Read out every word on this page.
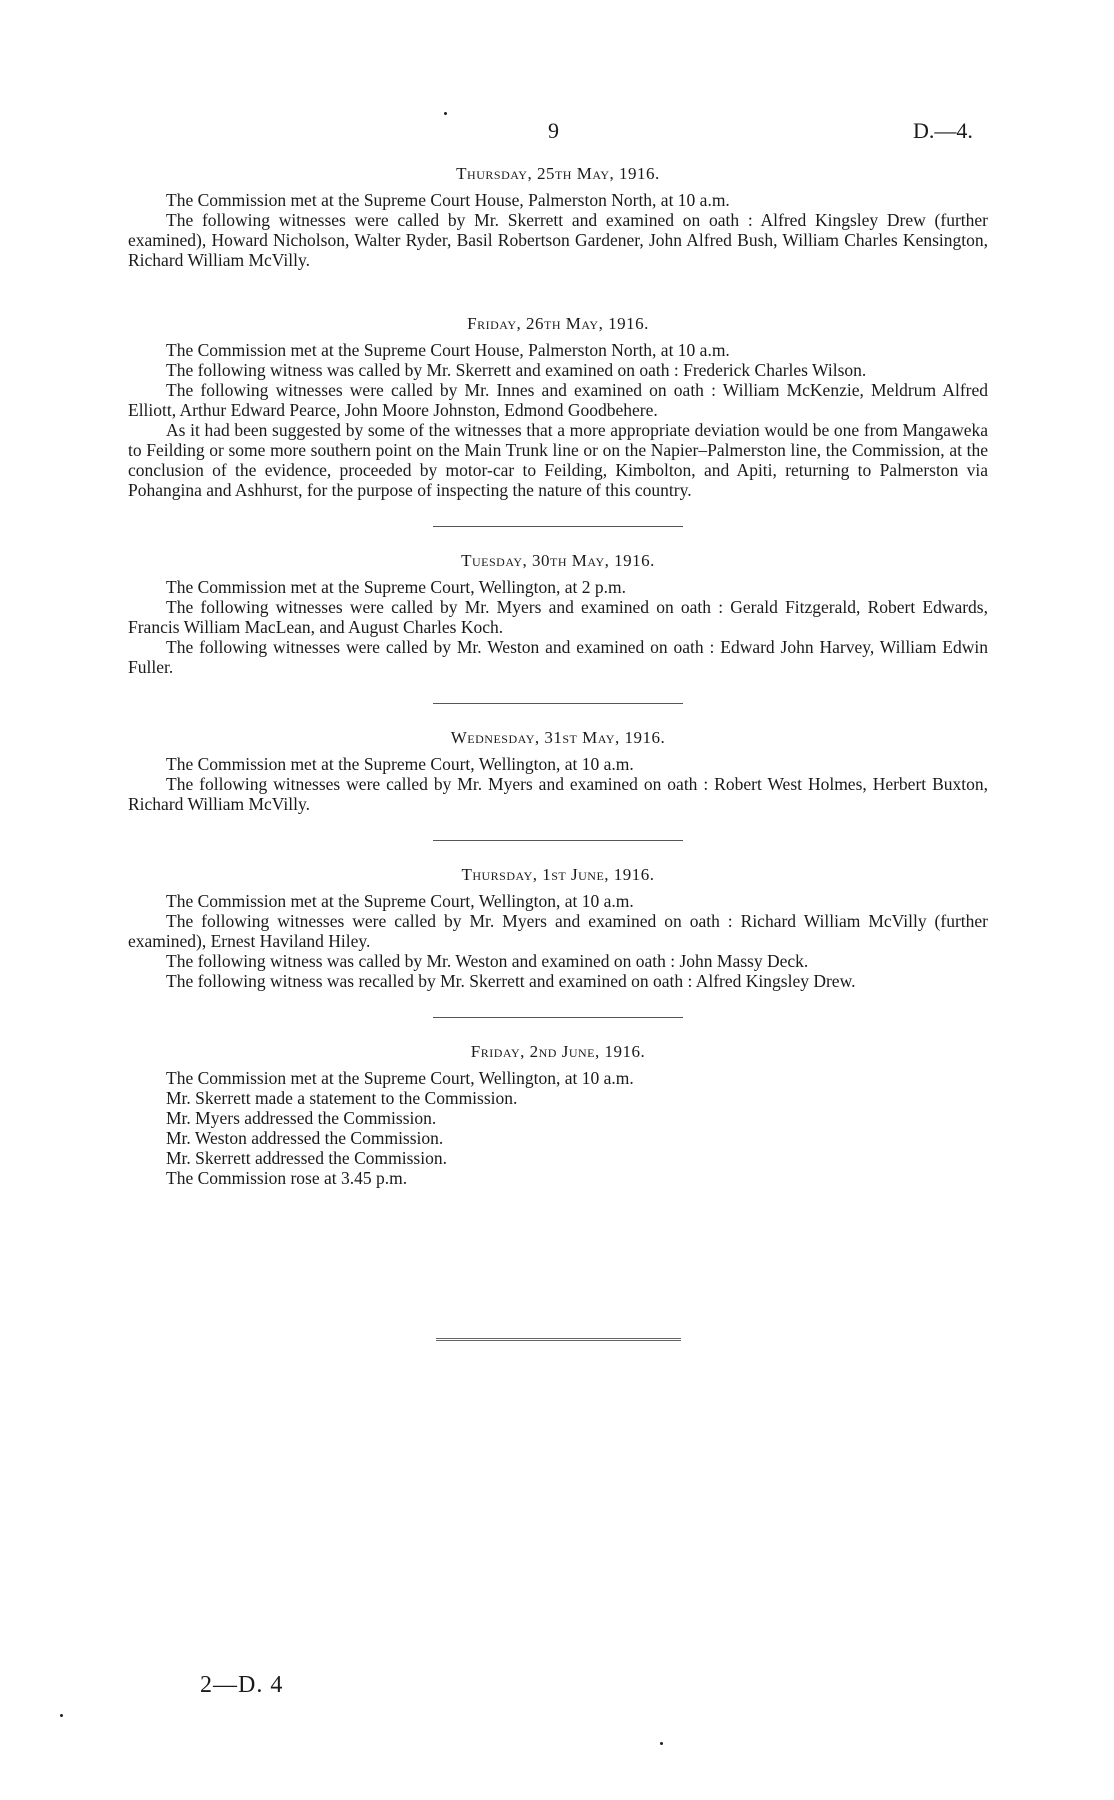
9	D.—4.
Thursday, 25th May, 1916.

The Commission met at the Supreme Court House, Palmerston North, at 10 a.m.

The following witnesses were called by Mr. Skerrett and examined on oath : Alfred Kingsley Drew (further examined), Howard Nicholson, Walter Ryder, Basil Robertson Gardener, John Alfred Bush, William Charles Kensington, Richard William McVilly.

Friday, 26th May, 1916.

The Commission met at the Supreme Court House, Palmerston North, at 10 a.m.

The following witness was called by Mr. Skerrett and examined on oath : Frederick Charles Wilson.

The following witnesses were called by Mr. Innes and examined on oath : William McKenzie, Meldrum Alfred Elliott, Arthur Edward Pearce, John Moore Johnston, Edmond Goodbehere.

As it had been suggested by some of the witnesses that a more appropriate deviation would be one from Mangaweka to Feilding or some more southern point on the Main Trunk line or on the Napier–Palmerston line, the Commission, at the conclusion of the evidence, proceeded by motor-car to Feilding, Kimbolton, and Apiti, returning to Palmerston via Pohangina and Ashhurst, for the purpose of inspecting the nature of this country.

Tuesday, 30th May, 1916.

The Commission met at the Supreme Court, Wellington, at 2 p.m.

The following witnesses were called by Mr. Myers and examined on oath : Gerald Fitzgerald, Robert Edwards, Francis William MacLean, and August Charles Koch.

The following witnesses were called by Mr. Weston and examined on oath : Edward John Harvey, William Edwin Fuller.

Wednesday, 31st May, 1916.

The Commission met at the Supreme Court, Wellington, at 10 a.m.

The following witnesses were called by Mr. Myers and examined on oath : Robert West Holmes, Herbert Buxton, Richard William McVilly.

Thursday, 1st June, 1916.

The Commission met at the Supreme Court, Wellington, at 10 a.m.

The following witnesses were called by Mr. Myers and examined on oath : Richard William McVilly (further examined), Ernest Haviland Hiley.

The following witness was called by Mr. Weston and examined on oath : John Massy Deck.

The following witness was recalled by Mr. Skerrett and examined on oath : Alfred Kingsley Drew.

Friday, 2nd June, 1916.

The Commission met at the Supreme Court, Wellington, at 10 a.m.

Mr. Skerrett made a statement to the Commission.

Mr. Myers addressed the Commission.

Mr. Weston addressed the Commission.

Mr. Skerrett addressed the Commission.

The Commission rose at 3.45 p.m.

2—D. 4
